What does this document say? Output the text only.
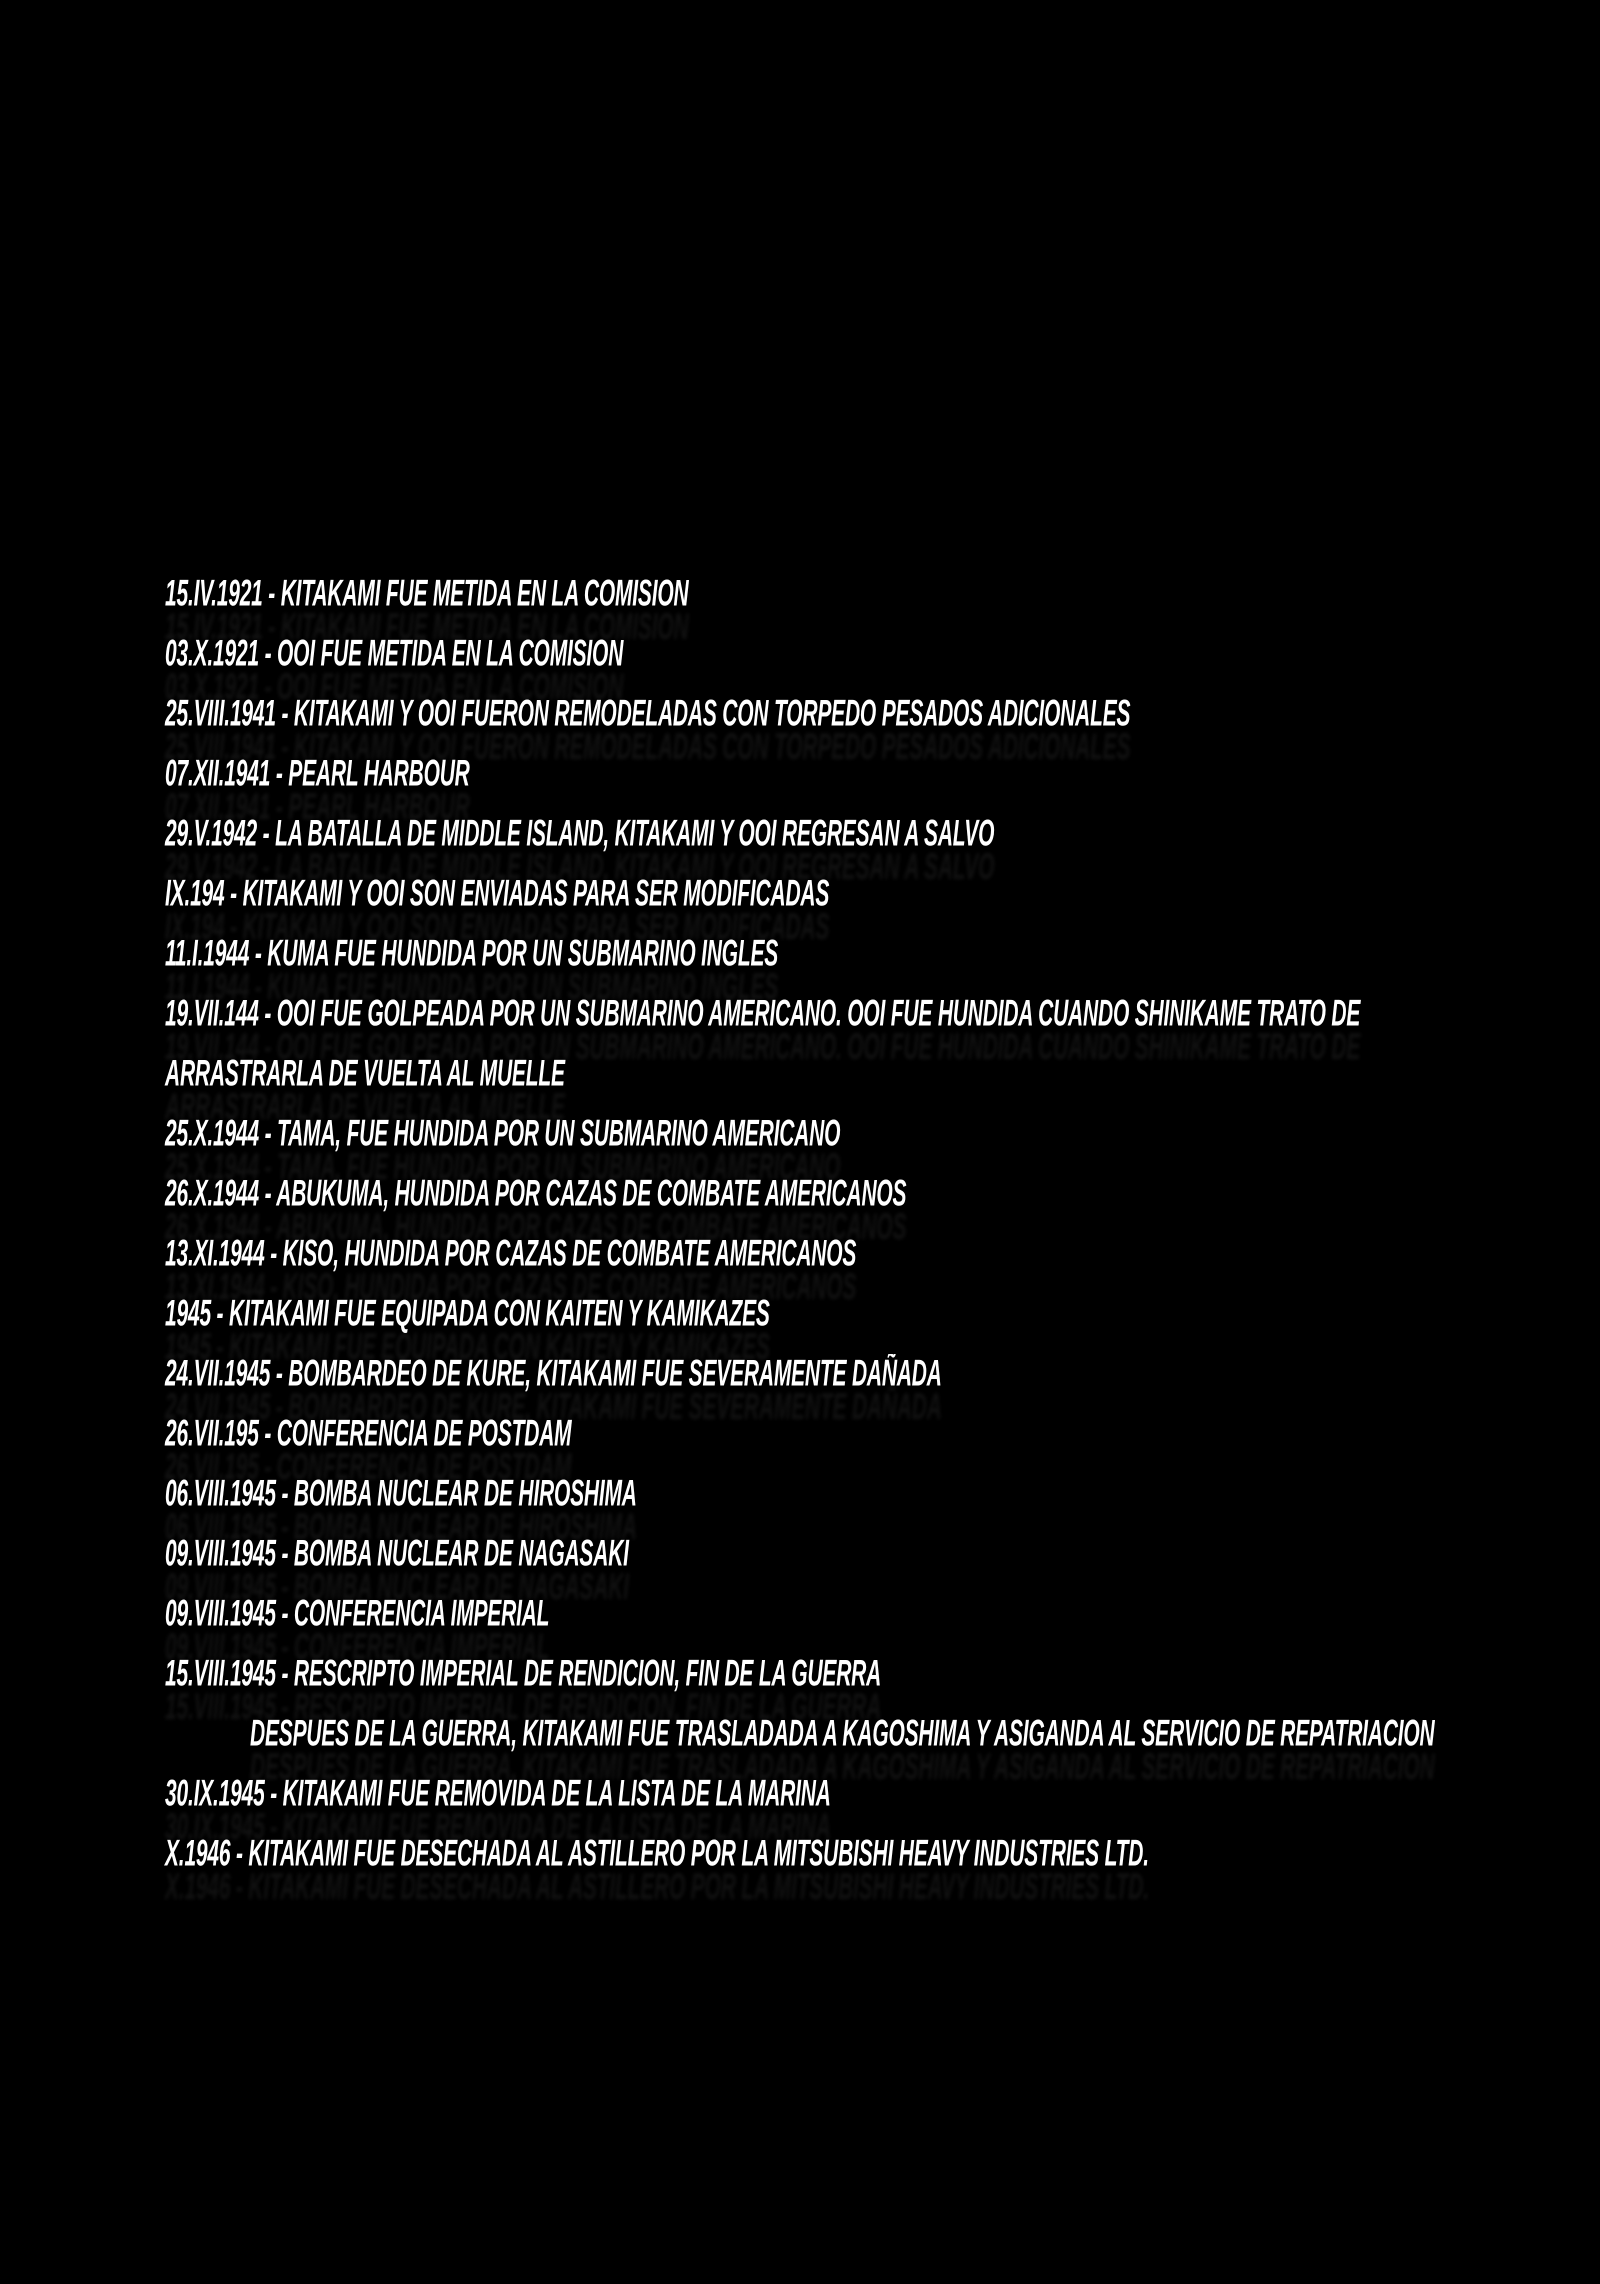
15.IV.1921 - KITAKAMI FUE METIDA EN LA COMISION
03.X.1921 - OOI FUE METIDA EN LA COMISION
25.VIII.1941 - KITAKAMI Y OOI FUERON REMODELADAS CON TORPEDO PESADOS ADICIONALES
07.XII.1941 - PEARL HARBOUR
29.V.1942 - LA BATALLA DE MIDDLE ISLAND, KITAKAMI Y OOI REGRESAN A SALVO
IX.194 - KITAKAMI Y OOI SON ENVIADAS PARA SER MODIFICADAS
11.I.1944 - KUMA FUE HUNDIDA POR UN SUBMARINO INGLES
19.VII.144 - OOI FUE GOLPEADA POR UN SUBMARINO AMERICANO. OOI FUE HUNDIDA CUANDO SHINIKAME TRATO DE
ARRASTRARLA DE VUELTA AL MUELLE
25.X.1944 - TAMA, FUE HUNDIDA POR UN SUBMARINO AMERICANO
26.X.1944 - ABUKUMA, HUNDIDA POR CAZAS DE COMBATE AMERICANOS
13.XI.1944 - KISO, HUNDIDA POR CAZAS DE COMBATE AMERICANOS
1945 - KITAKAMI FUE EQUIPADA CON KAITEN Y KAMIKAZES
24.VII.1945 - BOMBARDEO DE KURE, KITAKAMI FUE SEVERAMENTE DAÑADA
26.VII.195 - CONFERENCIA DE POSTDAM
06.VIII.1945 - BOMBA NUCLEAR DE HIROSHIMA
09.VIII.1945 - BOMBA NUCLEAR DE NAGASAKI
09.VIII.1945 - CONFERENCIA IMPERIAL
15.VIII.1945 - RESCRIPTO IMPERIAL DE RENDICION, FIN DE LA GUERRA
DESPUES DE LA GUERRA, KITAKAMI FUE TRASLADADA A KAGOSHIMA Y ASIGANDA AL SERVICIO DE REPATRIACION
30.IX.1945 - KITAKAMI FUE REMOVIDA DE LA LISTA DE LA MARINA
X.1946 - KITAKAMI FUE DESECHADA AL ASTILLERO POR LA MITSUBISHI HEAVY INDUSTRIES LTD.
